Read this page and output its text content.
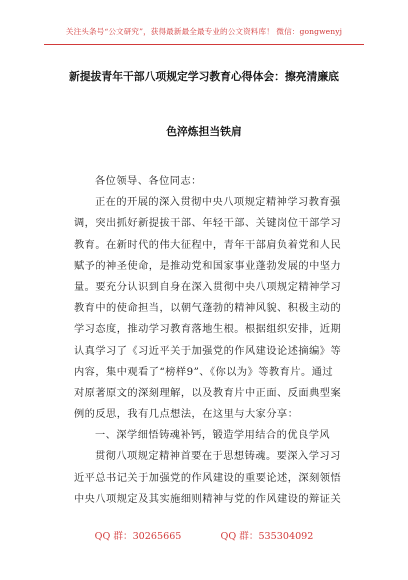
关注头条号“公文研究”，获得最新最全最专业的公文资料库！ 微信：gongwenyj
新提拔青年干部八项规定学习教育心得体会：擦亮清廉底
色淬炼担当铁肩
各位领导、各位同志：
正在的开展的深入贯彻中央八项规定精神学习教育强
调，突出抓好新提拔干部、年轻干部、关键岗位干部学习
教育。在新时代的伟大征程中，青年干部肩负着党和人民
赋予的神圣使命，是推动党和国家事业蓬勃发展的中坚力
量。要充分认识到自身在深入贯彻中央八项规定精神学习
教育中的使命担当，以朝气蓬勃的精神风貌、积极主动的
学习态度，推动学习教育落地生根。根据组织安排，近期
认真学习了《习近平关于加强党的作风建设论述摘编》等
内容，集中观看了“榜样9”、《你以为》等教育片。通过
对原著原文的深刻理解，以及教育片中正面、反面典型案
例的反思，我有几点想法，在这里与大家分享：
一、深学细悟铸魂补钙，锻造学用结合的优良学风
贯彻八项规定精神首要在于思想铸魂。要深入学习习
近平总书记关于加强党的作风建设的重要论述，深刻领悟
中央八项规定及其实施细则精神与党的作风建设的辩证关
QQ 群：30265665	QQ 群：535304092
